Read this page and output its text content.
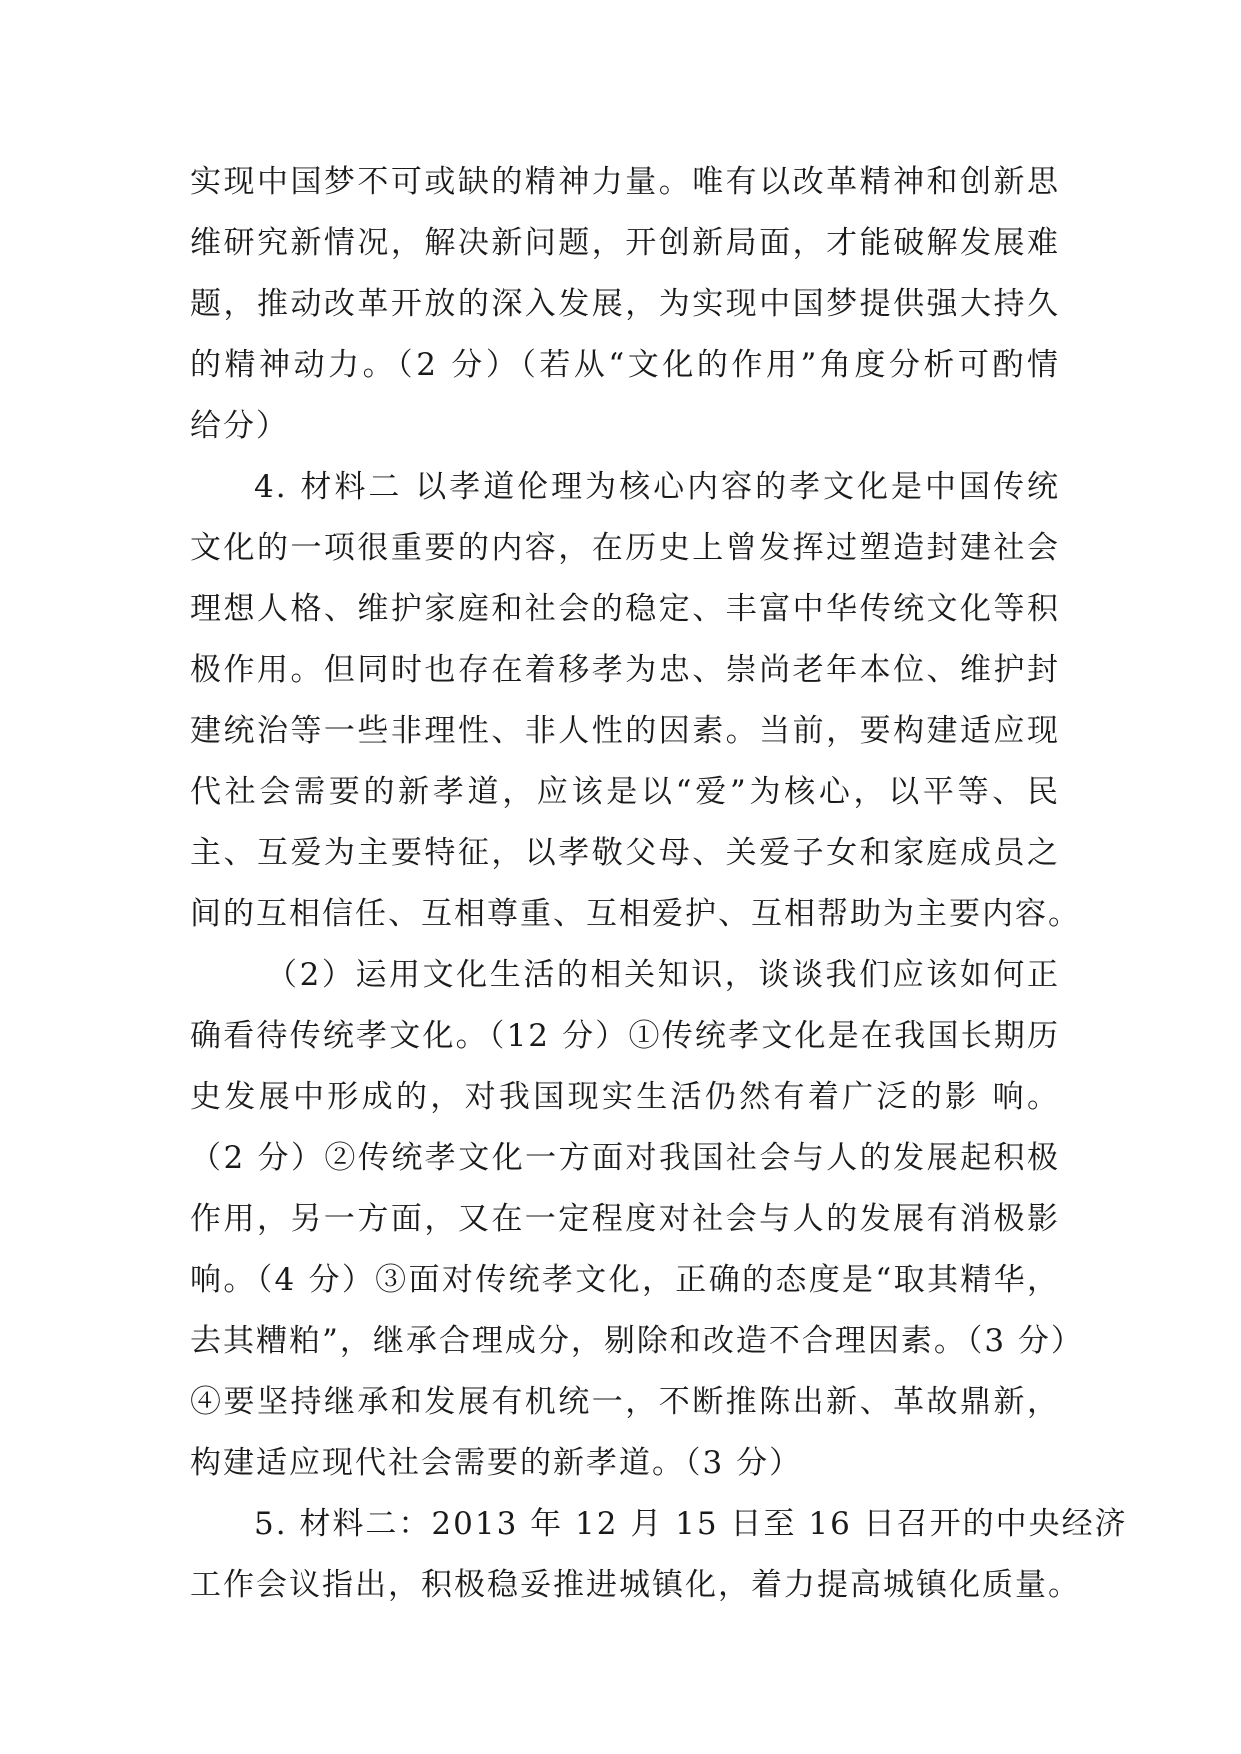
实现中国梦不可或缺的精神力量。唯有以改革精神和创新思
维研究新情况，解决新问题，开创新局面，才能破解发展难
题，推动改革开放的深入发展，为实现中国梦提供强大持久
的精神动力。（2 分）（若从“文化的作用”角度分析可酌情
给分）
4. 材料二 以孝道伦理为核心内容的孝文化是中国传统
文化的一项很重要的内容，在历史上曾发挥过塑造封建社会
理想人格、维护家庭和社会的稳定、丰富中华传统文化等积
极作用。但同时也存在着移孝为忠、崇尚老年本位、维护封
建统治等一些非理性、非人性的因素。当前，要构建适应现
代社会需要的新孝道，应该是以“爱”为核心，以平等、民
主、互爱为主要特征，以孝敬父母、关爱子女和家庭成员之
间的互相信任、互相尊重、互相爱护、互相帮助为主要内容。
（2）运用文化生活的相关知识，谈谈我们应该如何正
确看待传统孝文化。（12 分）①传统孝文化是在我国长期历
史发展中形成的，对我国现实生活仍然有着广泛的影 响。
（2 分）②传统孝文化一方面对我国社会与人的发展起积极
作用，另一方面，又在一定程度对社会与人的发展有消极影
响。（4 分）③面对传统孝文化，正确的态度是“取其精华，
去其糟粕”，继承合理成分，剔除和改造不合理因素。（3 分）
④要坚持继承和发展有机统一，不断推陈出新、革故鼎新，
构建适应现代社会需要的新孝道。（3 分）
5. 材料二：2013 年 12 月 15 日至 16 日召开的中央经济
工作会议指出，积极稳妥推进城镇化，着力提高城镇化质量。
